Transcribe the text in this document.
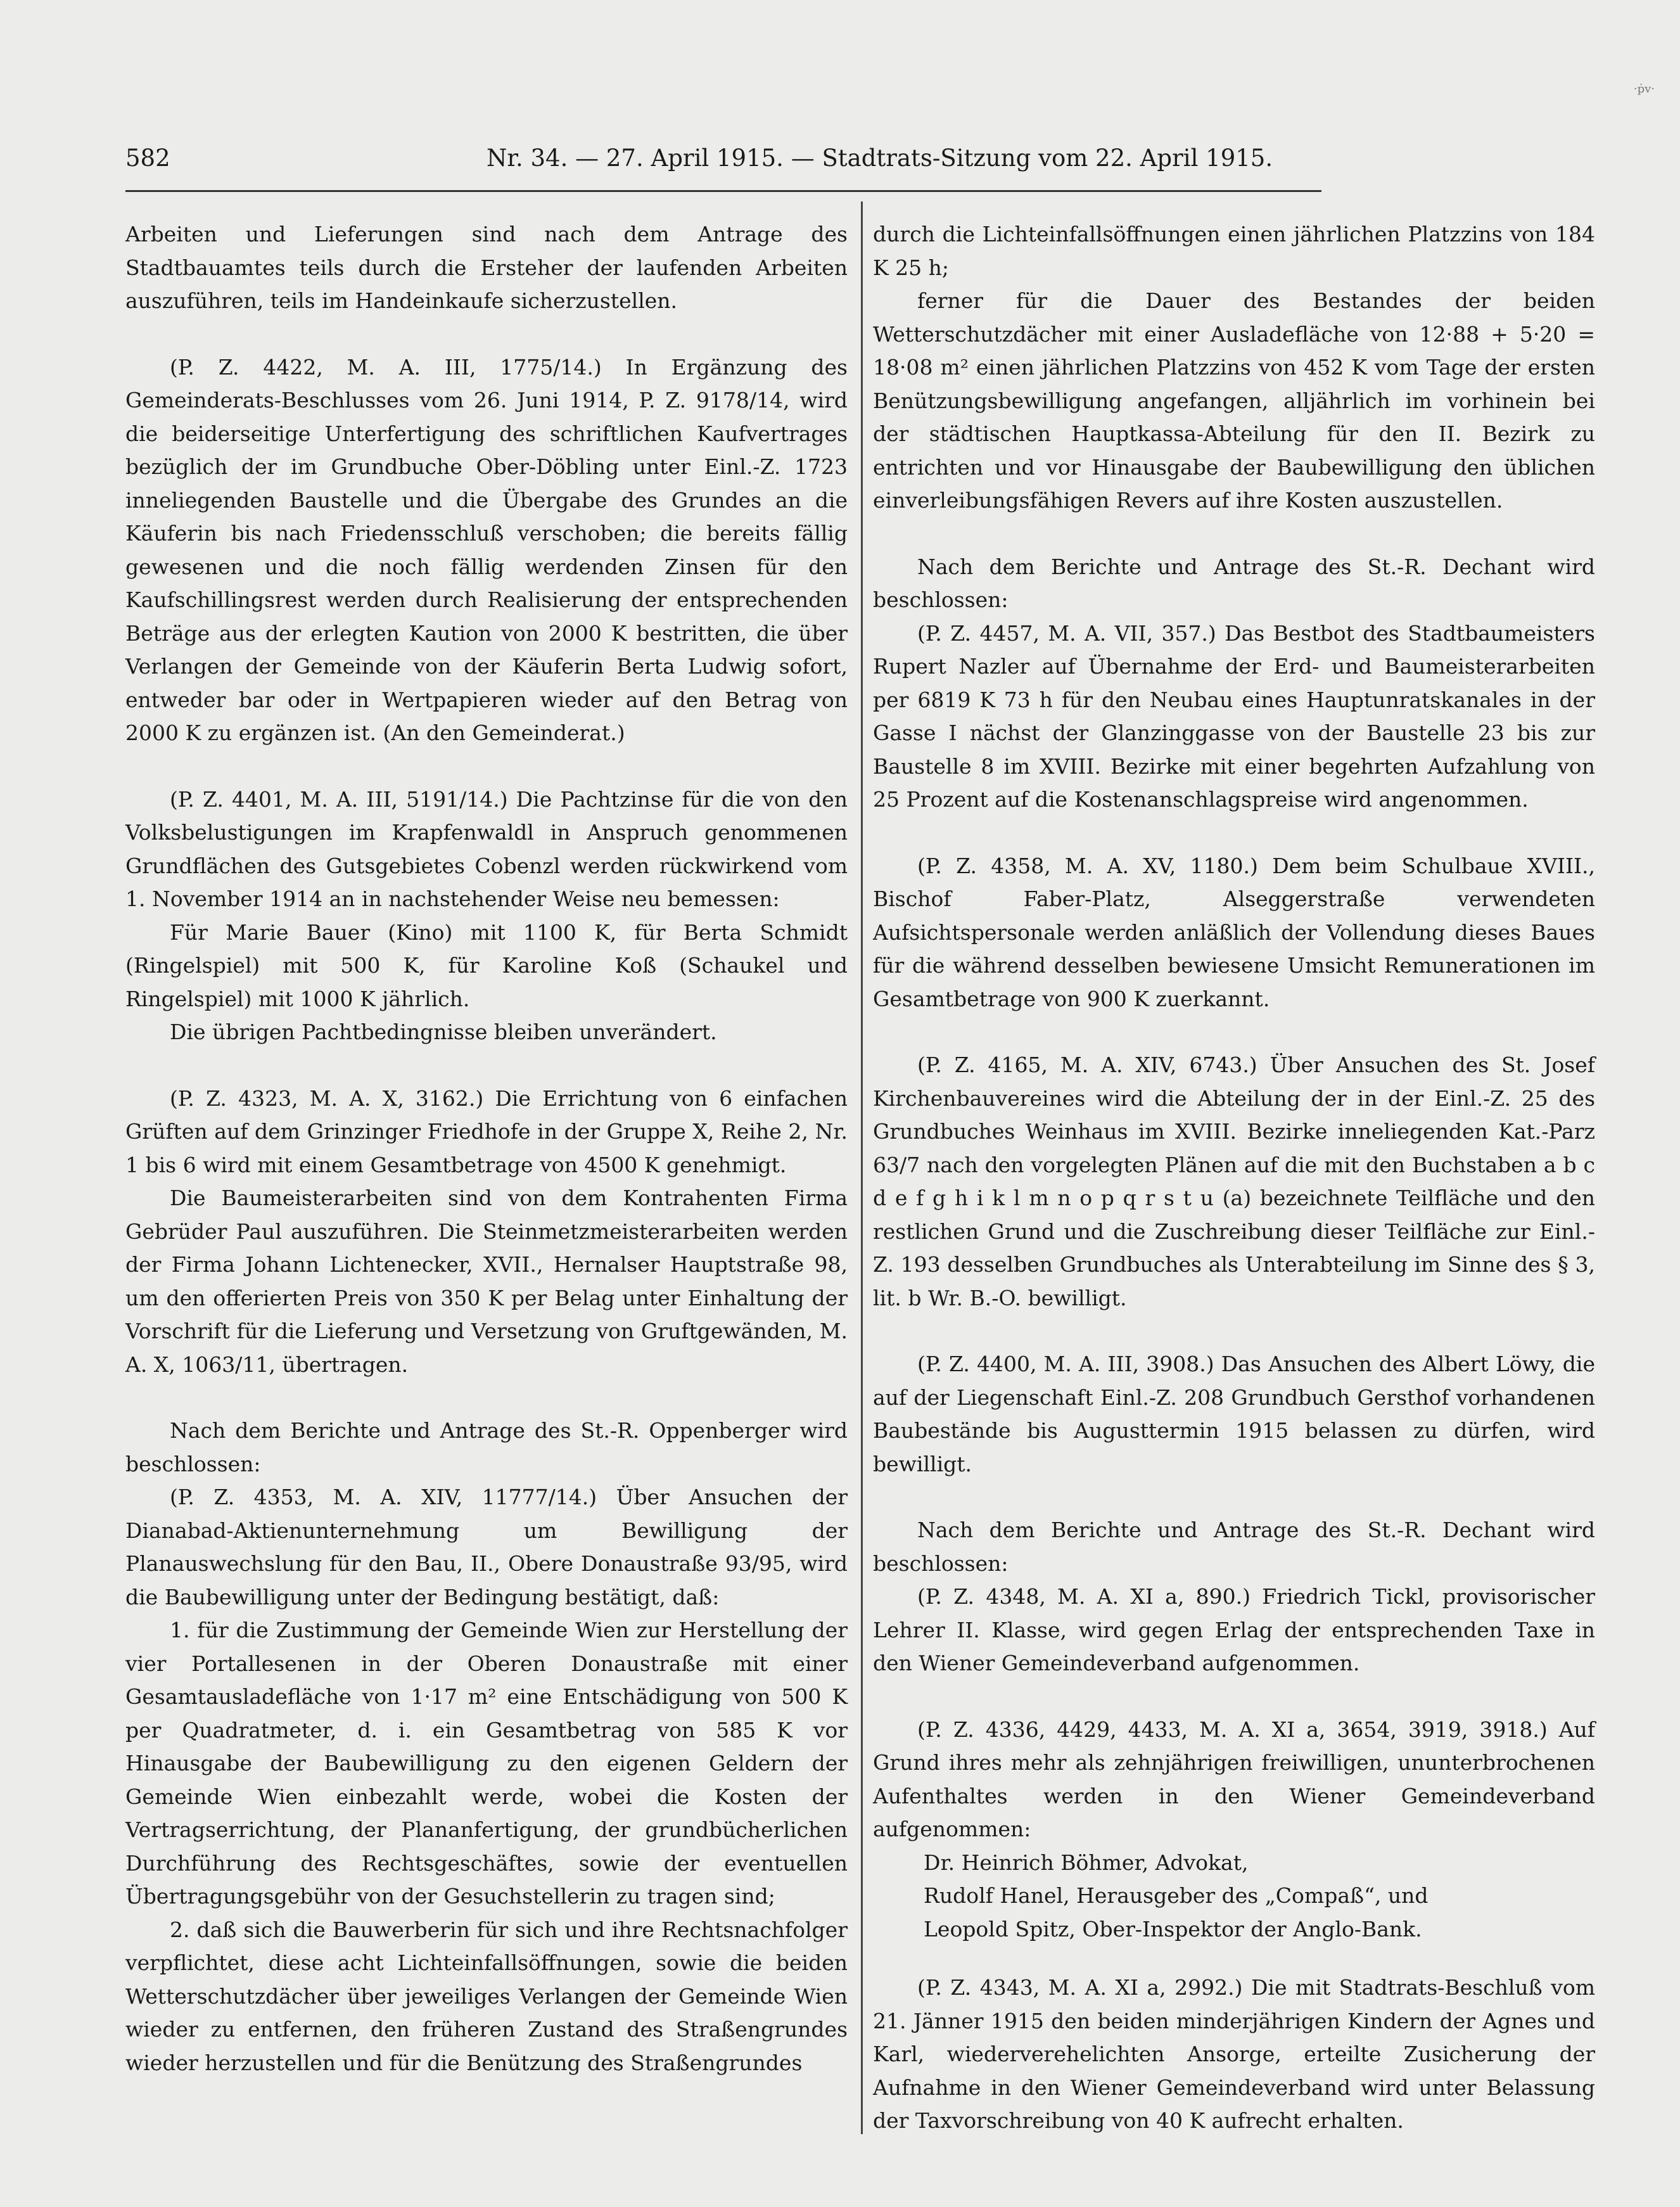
·ṗv·
582	Nr. 34. — 27. April 1915. — Stadtrats-Sitzung vom 22. April 1915.

Arbeiten und Lieferungen sind nach dem Antrage des Stadtbauamtes teils durch die Ersteher der laufenden Arbeiten auszuführen, teils im Handeinkaufe sicherzustellen.

(P. Z. 4422, M. A. III, 1775/14.) In Ergänzung des Gemeinderats-Beschlusses vom 26. Juni 1914, P. Z. 9178/14, wird die beiderseitige Unterfertigung des schriftlichen Kaufvertrages bezüglich der im Grundbuche Ober-Döbling unter Einl.-Z. 1723 inneliegenden Baustelle und die Übergabe des Grundes an die Käuferin bis nach Friedensschluß verschoben; die bereits fällig gewesenen und die noch fällig werdenden Zinsen für den Kaufschillingsrest werden durch Realisierung der entsprechenden Beträge aus der erlegten Kaution von 2000 K bestritten, die über Verlangen der Gemeinde von der Käuferin Berta Ludwig sofort, entweder bar oder in Wertpapieren wieder auf den Betrag von 2000 K zu ergänzen ist. (An den Gemeinderat.)

(P. Z. 4401, M. A. III, 5191/14.) Die Pachtzinse für die von den Volksbelustigungen im Krapfenwaldl in Anspruch genommenen Grundflächen des Gutsgebietes Cobenzl werden rückwirkend vom 1. November 1914 an in nachstehender Weise neu bemessen:

Für Marie Bauer (Kino) mit 1100 K, für Berta Schmidt (Ringelspiel) mit 500 K, für Karoline Koß (Schaukel und Ringelspiel) mit 1000 K jährlich.

Die übrigen Pachtbedingnisse bleiben unverändert.

(P. Z. 4323, M. A. X, 3162.) Die Errichtung von 6 einfachen Grüften auf dem Grinzinger Friedhofe in der Gruppe X, Reihe 2, Nr. 1 bis 6 wird mit einem Gesamtbetrage von 4500 K genehmigt.

Die Baumeisterarbeiten sind von dem Kontrahenten Firma Gebrüder Paul auszuführen. Die Steinmetzmeisterarbeiten werden der Firma Johann Lichtenecker, XVII., Hernalser Hauptstraße 98, um den offerierten Preis von 350 K per Belag unter Einhaltung der Vorschrift für die Lieferung und Versetzung von Gruftgewänden, M. A. X, 1063/11, übertragen.

Nach dem Berichte und Antrage des St.-R. Oppenberger wird beschlossen:

(P. Z. 4353, M. A. XIV, 11777/14.) Über Ansuchen der Dianabad-Aktienunternehmung um Bewilligung der Planauswechslung für den Bau, II., Obere Donaustraße 93/95, wird die Baubewilligung unter der Bedingung bestätigt, daß:

1. für die Zustimmung der Gemeinde Wien zur Herstellung der vier Portallesenen in der Oberen Donaustraße mit einer Gesamtausladefläche von 1·17 m² eine Entschädigung von 500 K per Quadratmeter, d. i. ein Gesamtbetrag von 585 K vor Hinausgabe der Baubewilligung zu den eigenen Geldern der Gemeinde Wien einbezahlt werde, wobei die Kosten der Vertragserrichtung, der Plananfertigung, der grundbücherlichen Durchführung des Rechtsgeschäftes, sowie der eventuellen Übertragungsgebühr von der Gesuchstellerin zu tragen sind;

2. daß sich die Bauwerberin für sich und ihre Rechtsnachfolger verpflichtet, diese acht Lichteinfallsöffnungen, sowie die beiden Wetterschutzdächer über jeweiliges Verlangen der Gemeinde Wien wieder zu entfernen, den früheren Zustand des Straßengrundes wieder herzustellen und für die Benützung des Straßengrundes

durch die Lichteinfallsöffnungen einen jährlichen Platzzins von 184 K 25 h;

ferner für die Dauer des Bestandes der beiden Wetterschutzdächer mit einer Ausladefläche von 12·88 + 5·20 = 18·08 m² einen jährlichen Platzzins von 452 K vom Tage der ersten Benützungsbewilligung angefangen, alljährlich im vorhinein bei der städtischen Hauptkassa-Abteilung für den II. Bezirk zu entrichten und vor Hinausgabe der Baubewilligung den üblichen einverleibungsfähigen Revers auf ihre Kosten auszustellen.

Nach dem Berichte und Antrage des St.-R. Dechant wird beschlossen:

(P. Z. 4457, M. A. VII, 357.) Das Bestbot des Stadtbaumeisters Rupert Nazler auf Übernahme der Erd- und Baumeisterarbeiten per 6819 K 73 h für den Neubau eines Hauptunratskanales in der Gasse I nächst der Glanzinggasse von der Baustelle 23 bis zur Baustelle 8 im XVIII. Bezirke mit einer begehrten Aufzahlung von 25 Prozent auf die Kostenanschlagspreise wird angenommen.

(P. Z. 4358, M. A. XV, 1180.) Dem beim Schulbaue XVIII., Bischof Faber-Platz, Alseggerstraße verwendeten Aufsichtspersonale werden anläßlich der Vollendung dieses Baues für die während desselben bewiesene Umsicht Remunerationen im Gesamtbetrage von 900 K zuerkannt.

(P. Z. 4165, M. A. XIV, 6743.) Über Ansuchen des St. Josef Kirchenbauvereines wird die Abteilung der in der Einl.-Z. 25 des Grundbuches Weinhaus im XVIII. Bezirke inneliegenden Kat.-Parz 63/7 nach den vorgelegten Plänen auf die mit den Buchstaben a b c d e f g h i k l m n o p q r s t u (a) bezeichnete Teilfläche und den restlichen Grund und die Zuschreibung dieser Teilfläche zur Einl.-Z. 193 desselben Grundbuches als Unterabteilung im Sinne des § 3, lit. b Wr. B.-O. bewilligt.

(P. Z. 4400, M. A. III, 3908.) Das Ansuchen des Albert Löwy, die auf der Liegenschaft Einl.-Z. 208 Grundbuch Gersthof vorhandenen Baubestände bis Augusttermin 1915 belassen zu dürfen, wird bewilligt.

Nach dem Berichte und Antrage des St.-R. Dechant wird beschlossen:

(P. Z. 4348, M. A. XI a, 890.) Friedrich Tickl, provisorischer Lehrer II. Klasse, wird gegen Erlag der entsprechenden Taxe in den Wiener Gemeindeverband aufgenommen.

(P. Z. 4336, 4429, 4433, M. A. XI a, 3654, 3919, 3918.) Auf Grund ihres mehr als zehnjährigen freiwilligen, ununterbrochenen Aufenthaltes werden in den Wiener Gemeindeverband aufgenommen:

Dr. Heinrich Böhmer, Advokat,

Rudolf Hanel, Herausgeber des „Compaß“, und

Leopold Spitz, Ober-Inspektor der Anglo-Bank.

(P. Z. 4343, M. A. XI a, 2992.) Die mit Stadtrats-Beschluß vom 21. Jänner 1915 den beiden minderjährigen Kindern der Agnes und Karl, wiederverehelichten Ansorge, erteilte Zusicherung der Aufnahme in den Wiener Gemeindeverband wird unter Belassung der Taxvorschreibung von 40 K aufrecht erhalten.
